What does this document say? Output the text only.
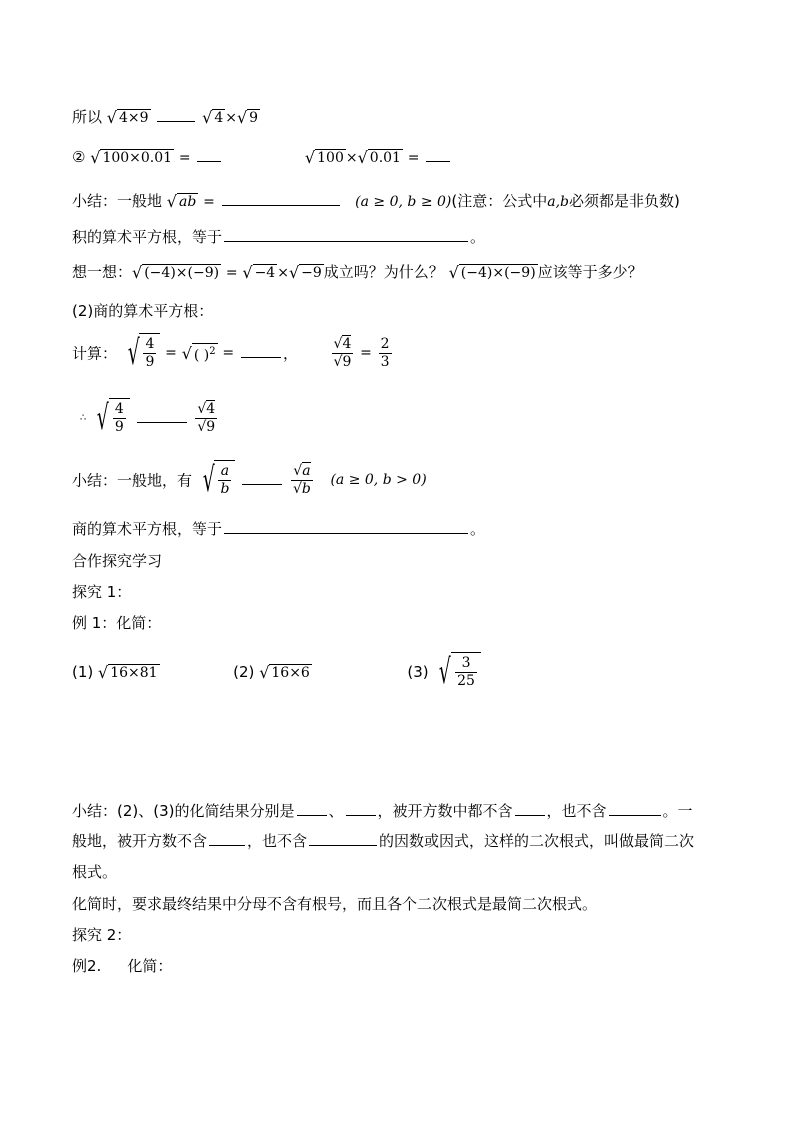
所以 √ 4×9	√ 4 ×√ 9
② √ 100×0.01 =	√ 100 ×√ 0.01 =
小结：一般地 √ ab =	(a ≥ 0, b ≥ 0)(注意：公式中a,b必须都是非负数)
积的算术平方根，等于	。
想一想：√ (−4)×(−9) = √ −4 ×√ −9 成立吗？为什么？ √ (−4)×(−9) 应该等于多少？
(2)商的算术平方根：
计算： √ $\frac{4}{9}$ = √ ( )$^2$ =	， $\frac{√4}{√9} = \frac{2}{3}$
∴ √ $\frac{4}{9}$
	$\frac{√4}{√9}$
小结：一般地，有 √ $\frac{a}{b}$
	$\frac{√a}{√b} (a \ge 0$, b > 0)
商的算术平方根，等于	。
合作探究学习
探究 1：
例 1：化简：
(1) √ 16×81	(2) √ 16×6	(3) √ $\frac{3}{25}$
小结：(2)、(3)的化简结果分别是 、 ，被开方数中都不含 ，也不含	。一
般地，被开方数不含	，也不含	的因数或因式，这样的二次根式，叫做最简二次
根式。
化简时，要求最终结果中分母不含有根号，而且各个二次根式是最简二次根式。
探究 2：
例2. 化简：
